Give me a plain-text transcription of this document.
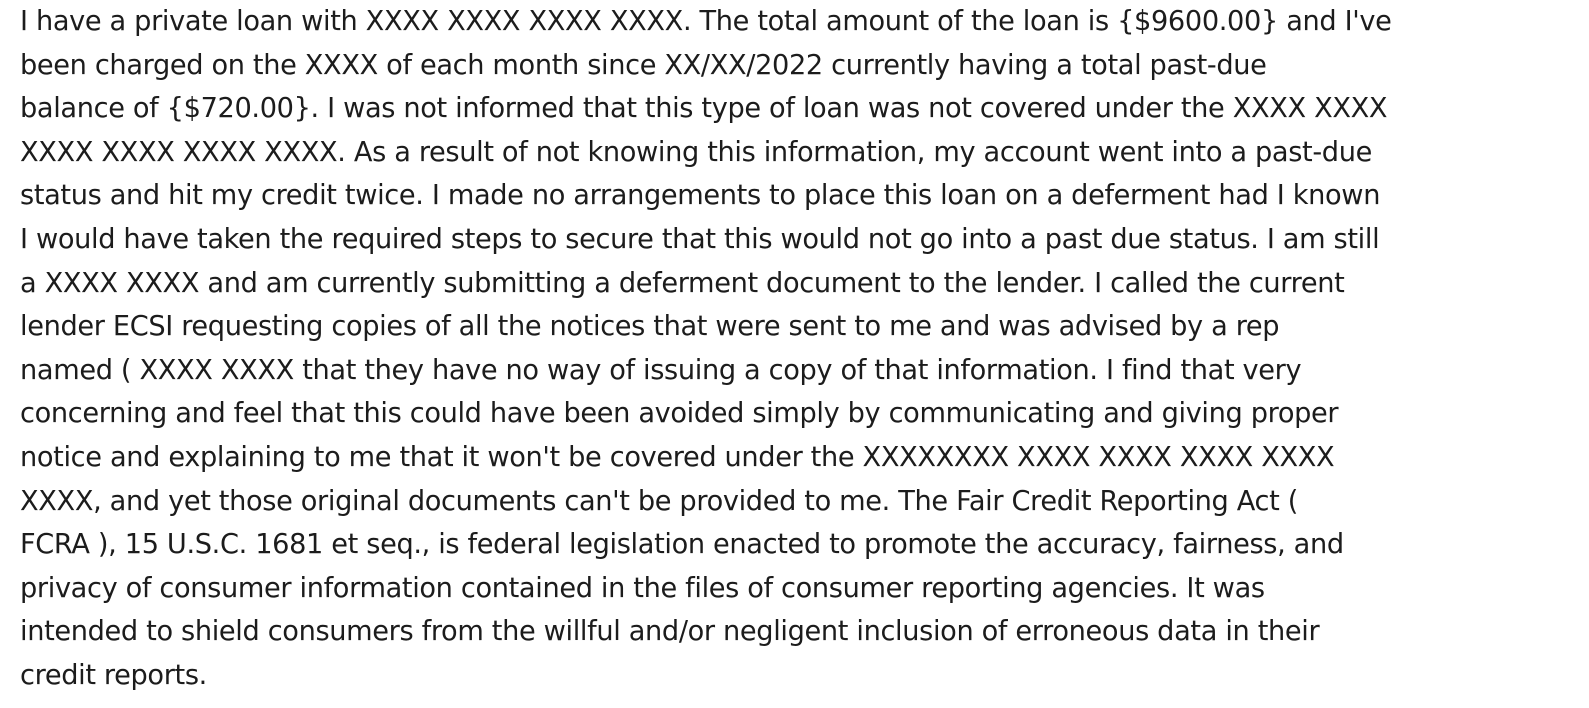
I have a private loan with XXXX XXXX XXXX XXXX. The total amount of the loan is {$9600.00} and I've
been charged on the XXXX of each month since XX/XX/2022 currently having a total past-due
balance of {$720.00}. I was not informed that this type of loan was not covered under the XXXX XXXX
XXXX XXXX XXXX XXXX. As a result of not knowing this information, my account went into a past-due
status and hit my credit twice. I made no arrangements to place this loan on a deferment had I known
I would have taken the required steps to secure that this would not go into a past due status. I am still
a XXXX XXXX and am currently submitting a deferment document to the lender. I called the current
lender ECSI requesting copies of all the notices that were sent to me and was advised by a rep
named ( XXXX XXXX that they have no way of issuing a copy of that information. I find that very
concerning and feel that this could have been avoided simply by communicating and giving proper
notice and explaining to me that it won't be covered under the XXXXXXXX XXXX XXXX XXXX XXXX
XXXX, and yet those original documents can't be provided to me. The Fair Credit Reporting Act (
FCRA ), 15 U.S.C. 1681 et seq., is federal legislation enacted to promote the accuracy, fairness, and
privacy of consumer information contained in the files of consumer reporting agencies. It was
intended to shield consumers from the willful and/or negligent inclusion of erroneous data in their
credit reports.
